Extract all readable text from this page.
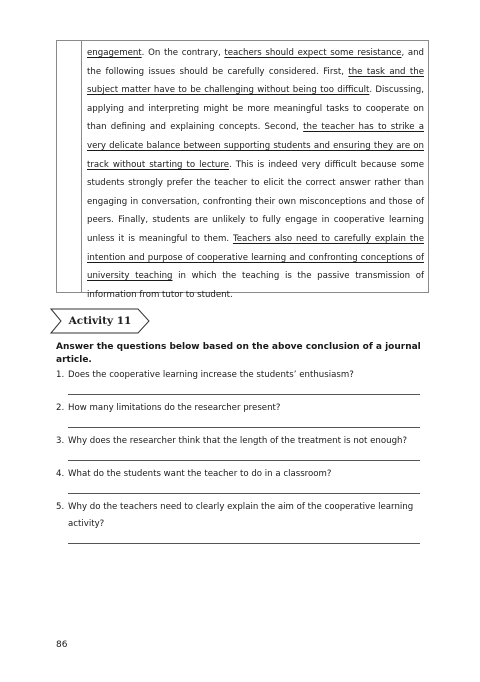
engagement. On the contrary, teachers should expect some resistance, and the following issues should be carefully considered. First, the task and the subject matter have to be challenging without being too difficult. Discussing, applying and interpreting might be more meaningful tasks to cooperate on than defining and explaining concepts. Second, the teacher has to strike a very delicate balance between supporting students and ensuring they are on track without starting to lecture. This is indeed very difficult because some students strongly prefer the teacher to elicit the correct answer rather than engaging in conversation, confronting their own misconceptions and those of peers. Finally, students are unlikely to fully engage in cooperative learning unless it is meaningful to them. Teachers also need to carefully explain the intention and purpose of cooperative learning and confronting conceptions of university teaching in which the teaching is the passive transmission of information from tutor to student.

Activity 11

Answer the questions below based on the above conclusion of a journal article.

1. Does the cooperative learning increase the students’ enthusiasm?
2. How many limitations do the researcher present?
3. Why does the researcher think that the length of the treatment is not enough?
4. What do the students want the teacher to do in a classroom?
5. Why do the teachers need to clearly explain the aim of the cooperative learning activity?
86
